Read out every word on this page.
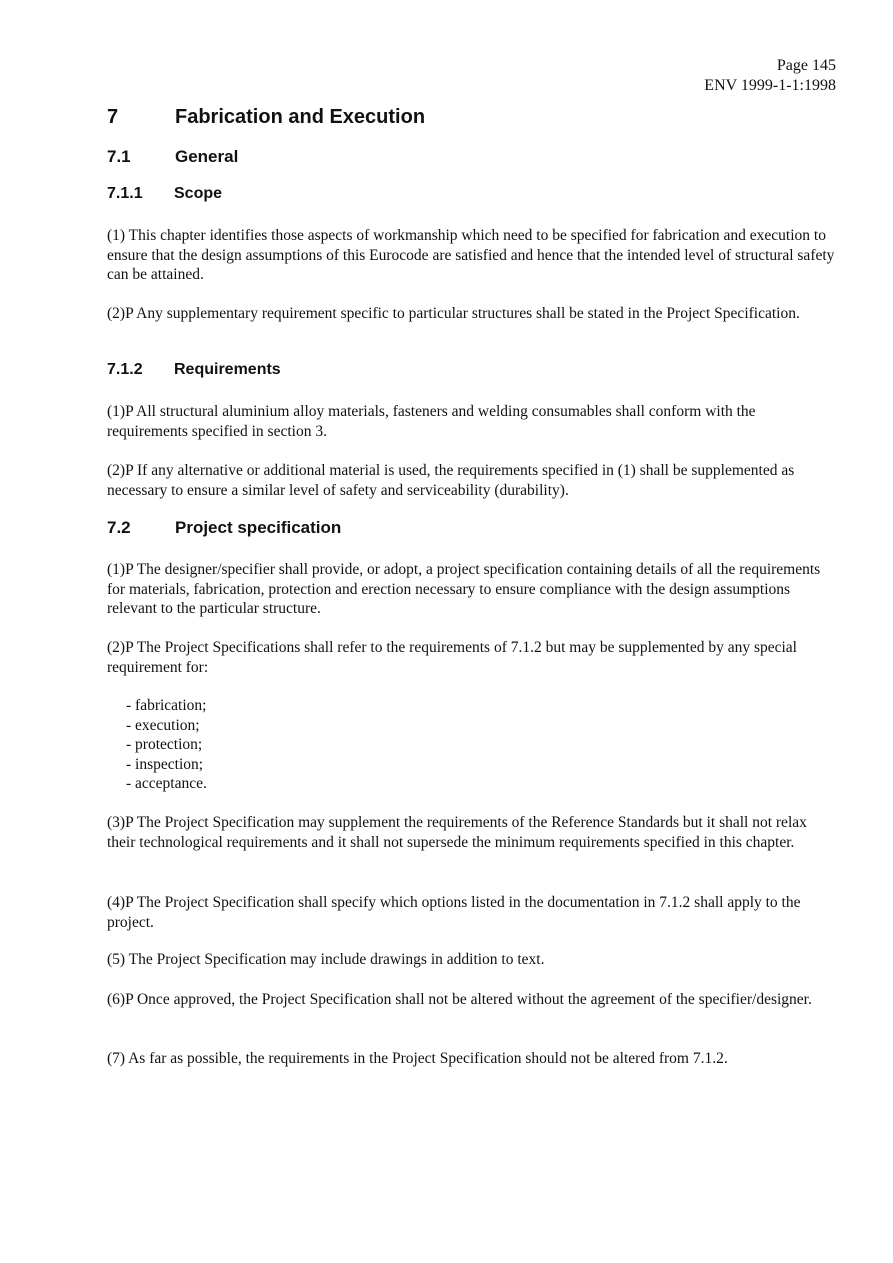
Page 145
ENV 1999-1-1:1998
7	Fabrication and Execution
7.1	General
7.1.1 Scope

(1) This chapter identifies those aspects of workmanship which need to be specified for fabrication and execution to ensure that the design assumptions of this Eurocode are satisfied and hence that the intended level of structural safety can be attained.

(2)P Any supplementary requirement specific to particular structures shall be stated in the Project Specification.

7.1.2 Requirements

(1)P All structural aluminium alloy materials, fasteners and welding consumables shall conform with the requirements specified in section 3.

(2)P If any alternative or additional material is used, the requirements specified in (1) shall be supplemented as necessary to ensure a similar level of safety and serviceability (durability).

7.2	Project specification

(1)P The designer/specifier shall provide, or adopt, a project specification containing details of all the requirements for materials, fabrication, protection and erection necessary to ensure compliance with the design assumptions relevant to the particular structure.

(2)P The Project Specifications shall refer to the requirements of 7.1.2 but may be supplemented by any special requirement for:

- fabrication;
- execution;
- protection;
- inspection;
- acceptance.

(3)P The Project Specification may supplement the requirements of the Reference Standards but it shall not relax their technological requirements and it shall not supersede the minimum requirements specified in this chapter.

(4)P The Project Specification shall specify which options listed in the documentation in 7.1.2 shall apply to the project.

(5) The Project Specification may include drawings in addition to text.

(6)P Once approved, the Project Specification shall not be altered without the agreement of the specifier/designer.

(7) As far as possible, the requirements in the Project Specification should not be altered from 7.1.2.
